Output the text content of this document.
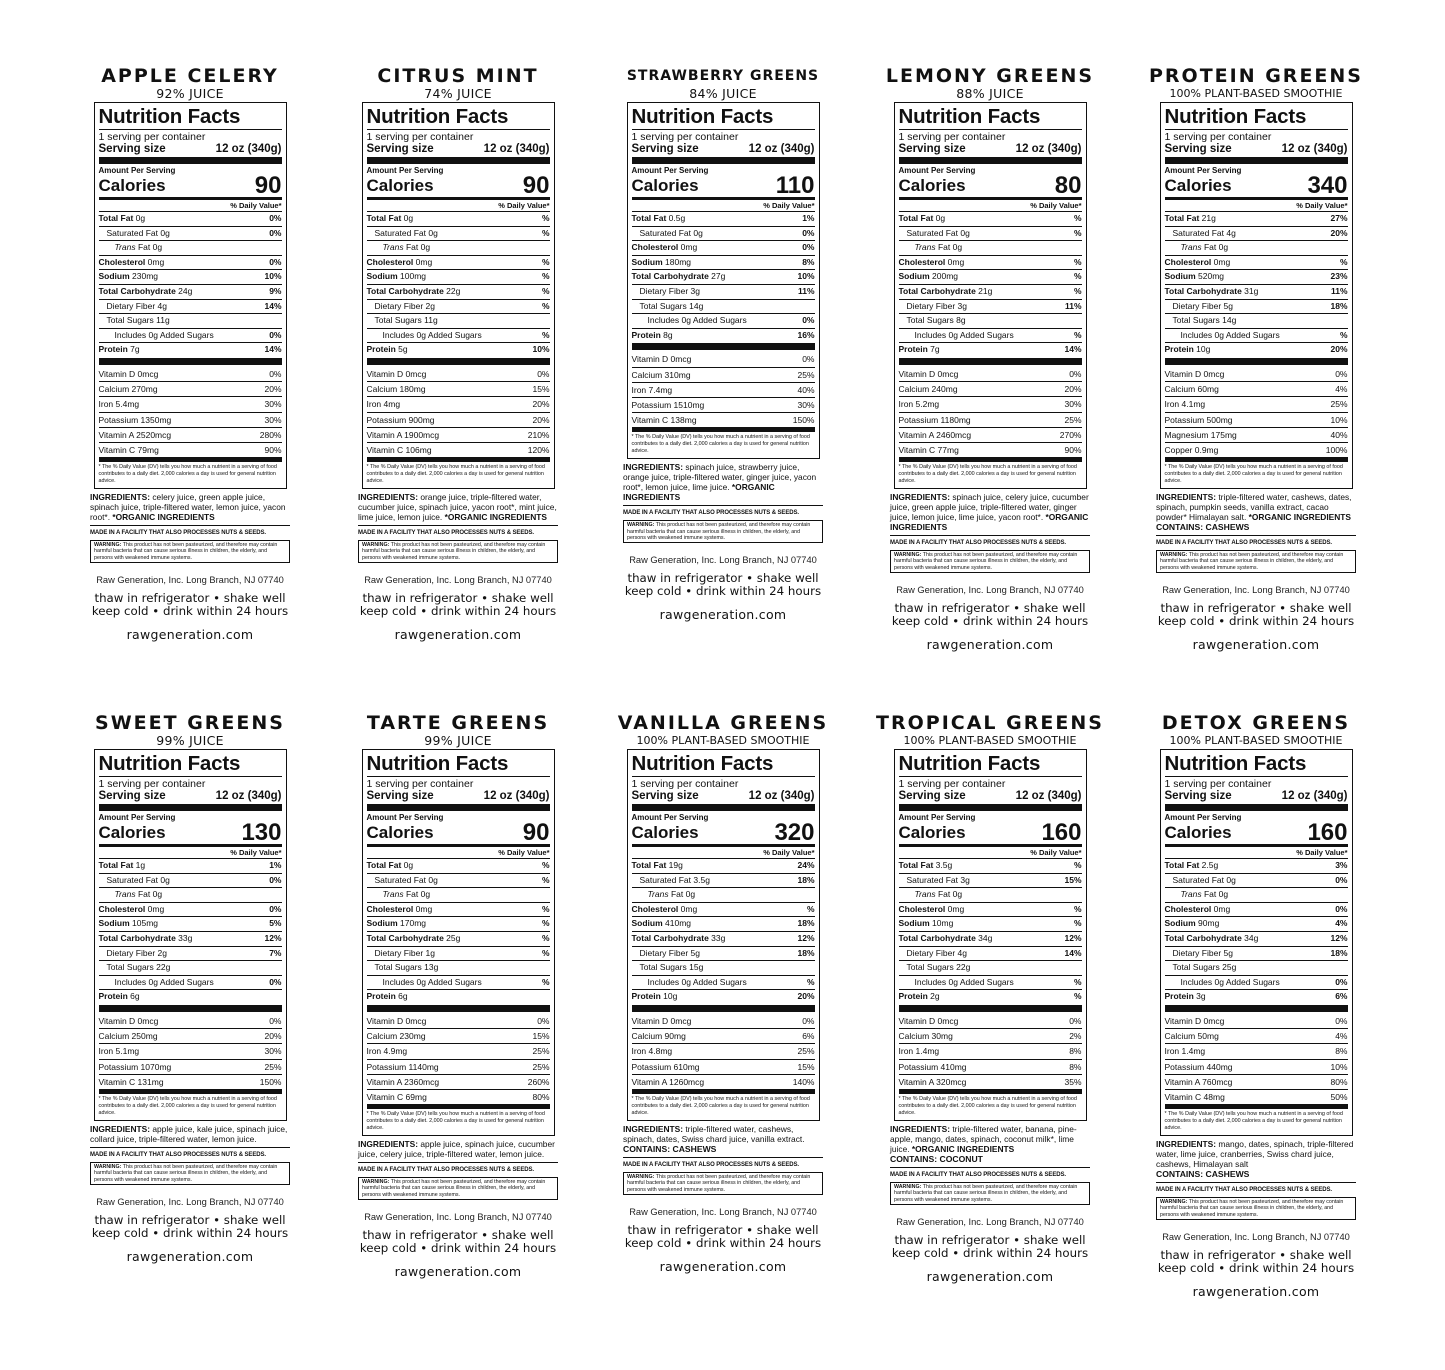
APPLE CELERY
92% JUICE
Nutrition Facts
1 serving per container
Serving size	12 oz (340g)
Amount Per Serving
Calories	90
% Daily Value*
Total Fat 0g	0%
Saturated Fat 0g	0%
Trans Fat 0g
Cholesterol 0mg	0%
Sodium 230mg	10%
Total Carbohydrate 24g	9%
Dietary Fiber 4g	14%
Total Sugars 11g
Includes 0g Added Sugars	0%
Protein 7g	14%
Vitamin D 0mcg	0%
Calcium 270mg	20%
Iron 5.4mg	30%
Potassium 1350mg	30%
Vitamin A 2520mcg	280%
Vitamin C 79mg	90%
* The % Daily Value (DV) tells you how much a nutrient in a serving of food contributes to a daily diet. 2,000 calories a day is used for general nutrition advice.
INGREDIENTS: celery juice, green apple juice, spinach juice, triple-filtered water, lemon juice, yacon root*. *ORGANIC INGREDIENTS
MADE IN A FACILITY THAT ALSO PROCESSES NUTS & SEEDS.
WARNING: This product has not been pasteurized, and therefore may contain harmful bacteria that can cause serious illness in children, the elderly, and persons with weakened immune systems.
Raw Generation, Inc. Long Branch, NJ 07740
thaw in refrigerator • shake well
keep cold • drink within 24 hours
rawgeneration.com
CITRUS MINT
74% JUICE
Nutrition Facts
1 serving per container
Serving size	12 oz (340g)
Amount Per Serving
Calories	90
% Daily Value*
Total Fat 0g	%
Saturated Fat 0g	%
Trans Fat 0g
Cholesterol 0mg	%
Sodium 100mg	%
Total Carbohydrate 22g	%
Dietary Fiber 2g	%
Total Sugars 11g
Includes 0g Added Sugars	%
Protein 5g	10%
Vitamin D 0mcg	0%
Calcium 180mg	15%
Iron 4mg	20%
Potassium 900mg	20%
Vitamin A 1900mcg	210%
Vitamin C 106mg	120%
* The % Daily Value (DV) tells you how much a nutrient in a serving of food contributes to a daily diet. 2,000 calories a day is used for general nutrition advice.
INGREDIENTS: orange juice, triple-filtered water, cucumber juice, spinach juice, yacon root*, mint juice, lime juice, lemon juice. *ORGANIC INGREDIENTS
MADE IN A FACILITY THAT ALSO PROCESSES NUTS & SEEDS.
WARNING: This product has not been pasteurized, and therefore may contain harmful bacteria that can cause serious illness in children, the elderly, and persons with weakened immune systems.
Raw Generation, Inc. Long Branch, NJ 07740
thaw in refrigerator • shake well
keep cold • drink within 24 hours
rawgeneration.com
STRAWBERRY GREENS
84% JUICE
Nutrition Facts
1 serving per container
Serving size	12 oz (340g)
Amount Per Serving
Calories	110
% Daily Value*
Total Fat 0.5g	1%
Saturated Fat 0g	0%
Cholesterol 0mg	0%
Sodium 180mg	8%
Total Carbohydrate 27g	10%
Dietary Fiber 3g	11%
Total Sugars 14g
Includes 0g Added Sugars	0%
Protein 8g	16%
Vitamin D 0mcg	0%
Calcium 310mg	25%
Iron 7.4mg	40%
Potassium 1510mg	30%
Vitamin C 138mg	150%
* The % Daily Value (DV) tells you how much a nutrient in a serving of food contributes to a daily diet. 2,000 calories a day is used for general nutrition advice.
INGREDIENTS: spinach juice, strawberry juice, orange juice, triple-filtered water, ginger juice, yacon root*, lemon juice, lime juice. *ORGANIC INGREDIENTS
MADE IN A FACILITY THAT ALSO PROCESSES NUTS & SEEDS.
WARNING: This product has not been pasteurized, and therefore may contain harmful bacteria that can cause serious illness in children, the elderly, and persons with weakened immune systems.
Raw Generation, Inc. Long Branch, NJ 07740
thaw in refrigerator • shake well
keep cold • drink within 24 hours
rawgeneration.com
LEMONY GREENS
88% JUICE
Nutrition Facts
1 serving per container
Serving size	12 oz (340g)
Amount Per Serving
Calories	80
% Daily Value*
Total Fat 0g	%
Saturated Fat 0g	%
Trans Fat 0g
Cholesterol 0mg	%
Sodium 200mg	%
Total Carbohydrate 21g	%
Dietary Fiber 3g	11%
Total Sugars 8g
Includes 0g Added Sugars	%
Protein 7g	14%
Vitamin D 0mcg	0%
Calcium 240mg	20%
Iron 5.2mg	30%
Potassium 1180mg	25%
Vitamin A 2460mcg	270%
Vitamin C 77mg	90%
* The % Daily Value (DV) tells you how much a nutrient in a serving of food contributes to a daily diet. 2,000 calories a day is used for general nutrition advice.
INGREDIENTS: spinach juice, celery juice, cucumber juice, green apple juice, triple-filtered water, ginger juice, lemon juice, lime juice, yacon root*. *ORGANIC INGREDIENTS
MADE IN A FACILITY THAT ALSO PROCESSES NUTS & SEEDS.
WARNING: This product has not been pasteurized, and therefore may contain harmful bacteria that can cause serious illness in children, the elderly, and persons with weakened immune systems.
Raw Generation, Inc. Long Branch, NJ 07740
thaw in refrigerator • shake well
keep cold • drink within 24 hours
rawgeneration.com
PROTEIN GREENS
100% PLANT-BASED SMOOTHIE
Nutrition Facts
1 serving per container
Serving size	12 oz (340g)
Amount Per Serving
Calories	340
% Daily Value*
Total Fat 21g	27%
Saturated Fat 4g	20%
Trans Fat 0g
Cholesterol 0mg	%
Sodium 520mg	23%
Total Carbohydrate 31g	11%
Dietary Fiber 5g	18%
Total Sugars 14g
Includes 0g Added Sugars	%
Protein 10g	20%
Vitamin D 0mcg	0%
Calcium 60mg	4%
Iron 4.1mg	25%
Potassium 500mg	10%
Magnesium 175mg	40%
Copper 0.9mg	100%
* The % Daily Value (DV) tells you how much a nutrient in a serving of food contributes to a daily diet. 2,000 calories a day is used for general nutrition advice.
INGREDIENTS: triple-filtered water, cashews, dates, spinach, pumpkin seeds, vanilla extract, cacao powder* Himalayan salt. *ORGANIC INGREDIENTS
CONTAINS: CASHEWS
MADE IN A FACILITY THAT ALSO PROCESSES NUTS & SEEDS.
WARNING: This product has not been pasteurized, and therefore may contain harmful bacteria that can cause serious illness in children, the elderly, and persons with weakened immune systems.
Raw Generation, Inc. Long Branch, NJ 07740
thaw in refrigerator • shake well
keep cold • drink within 24 hours
rawgeneration.com
SWEET GREENS
99% JUICE
Nutrition Facts
1 serving per container
Serving size	12 oz (340g)
Amount Per Serving
Calories	130
% Daily Value*
Total Fat 1g	1%
Saturated Fat 0g	0%
Trans Fat 0g
Cholesterol 0mg	0%
Sodium 105mg	5%
Total Carbohydrate 33g	12%
Dietary Fiber 2g	7%
Total Sugars 22g
Includes 0g Added Sugars	0%
Protein 6g
Vitamin D 0mcg	0%
Calcium 250mg	20%
Iron 5.1mg	30%
Potassium 1070mg	25%
Vitamin C 131mg	150%
* The % Daily Value (DV) tells you how much a nutrient in a serving of food contributes to a daily diet. 2,000 calories a day is used for general nutrition advice.
INGREDIENTS: apple juice, kale juice, spinach juice, collard juice, triple-filtered water, lemon juice.
MADE IN A FACILITY THAT ALSO PROCESSES NUTS & SEEDS.
WARNING: This product has not been pasteurized, and therefore may contain harmful bacteria that can cause serious illness in children, the elderly, and persons with weakened immune systems.
Raw Generation, Inc. Long Branch, NJ 07740
thaw in refrigerator • shake well
keep cold • drink within 24 hours
rawgeneration.com
TARTE GREENS
99% JUICE
Nutrition Facts
1 serving per container
Serving size	12 oz (340g)
Amount Per Serving
Calories	90
% Daily Value*
Total Fat 0g	%
Saturated Fat 0g	%
Trans Fat 0g
Cholesterol 0mg	%
Sodium 170mg	%
Total Carbohydrate 25g	%
Dietary Fiber 1g	%
Total Sugars 13g
Includes 0g Added Sugars	%
Protein 6g
Vitamin D 0mcg	0%
Calcium 230mg	15%
Iron 4.9mg	25%
Potassium 1140mg	25%
Vitamin A 2360mcg	260%
Vitamin C 69mg	80%
* The % Daily Value (DV) tells you how much a nutrient in a serving of food contributes to a daily diet. 2,000 calories a day is used for general nutrition advice.
INGREDIENTS: apple juice, spinach juice, cucumber juice, celery juice, triple-filtered water, lemon juice.
MADE IN A FACILITY THAT ALSO PROCESSES NUTS & SEEDS.
WARNING: This product has not been pasteurized, and therefore may contain harmful bacteria that can cause serious illness in children, the elderly, and persons with weakened immune systems.
Raw Generation, Inc. Long Branch, NJ 07740
thaw in refrigerator • shake well
keep cold • drink within 24 hours
rawgeneration.com
VANILLA GREENS
100% PLANT-BASED SMOOTHIE
Nutrition Facts
1 serving per container
Serving size	12 oz (340g)
Amount Per Serving
Calories	320
% Daily Value*
Total Fat 19g	24%
Saturated Fat 3.5g	18%
Trans Fat 0g
Cholesterol 0mg	%
Sodium 410mg	18%
Total Carbohydrate 33g	12%
Dietary Fiber 5g	18%
Total Sugars 15g
Includes 0g Added Sugars	%
Protein 10g	20%
Vitamin D 0mcg	0%
Calcium 90mg	6%
Iron 4.8mg	25%
Potassium 610mg	15%
Vitamin A 1260mcg	140%
* The % Daily Value (DV) tells you how much a nutrient in a serving of food contributes to a daily diet. 2,000 calories a day is used for general nutrition advice.
INGREDIENTS: triple-filtered water, cashews, spinach, dates, Swiss chard juice, vanilla extract.
CONTAINS: CASHEWS
MADE IN A FACILITY THAT ALSO PROCESSES NUTS & SEEDS.
WARNING: This product has not been pasteurized, and therefore may contain harmful bacteria that can cause serious illness in children, the elderly, and persons with weakened immune systems.
Raw Generation, Inc. Long Branch, NJ 07740
thaw in refrigerator • shake well
keep cold • drink within 24 hours
rawgeneration.com
TROPICAL GREENS
100% PLANT-BASED SMOOTHIE
Nutrition Facts
1 serving per container
Serving size	12 oz (340g)
Amount Per Serving
Calories	160
% Daily Value*
Total Fat 3.5g	%
Saturated Fat 3g	15%
Trans Fat 0g
Cholesterol 0mg	%
Sodium 10mg	%
Total Carbohydrate 34g	12%
Dietary Fiber 4g	14%
Total Sugars 22g
Includes 0g Added Sugars	%
Protein 2g	%
Vitamin D 0mcg	0%
Calcium 30mg	2%
Iron 1.4mg	8%
Potassium 410mg	8%
Vitamin A 320mcg	35%
* The % Daily Value (DV) tells you how much a nutrient in a serving of food contributes to a daily diet. 2,000 calories a day is used for general nutrition advice.
INGREDIENTS: triple-filtered water, banana, pine-apple, mango, dates, spinach, coconut milk*, lime juice. *ORGANIC INGREDIENTS
CONTAINS: COCONUT
MADE IN A FACILITY THAT ALSO PROCESSES NUTS & SEEDS.
WARNING: This product has not been pasteurized, and therefore may contain harmful bacteria that can cause serious illness in children, the elderly, and persons with weakened immune systems.
Raw Generation, Inc. Long Branch, NJ 07740
thaw in refrigerator • shake well
keep cold • drink within 24 hours
rawgeneration.com
DETOX GREENS
100% PLANT-BASED SMOOTHIE
Nutrition Facts
1 serving per container
Serving size	12 oz (340g)
Amount Per Serving
Calories	160
% Daily Value*
Total Fat 2.5g	3%
Saturated Fat 0g	0%
Trans Fat 0g
Cholesterol 0mg	0%
Sodium 90mg	4%
Total Carbohydrate 34g	12%
Dietary Fiber 5g	18%
Total Sugars 25g
Includes 0g Added Sugars	0%
Protein 3g	6%
Vitamin D 0mcg	0%
Calcium 50mg	4%
Iron 1.4mg	8%
Potassium 440mg	10%
Vitamin A 760mcg	80%
Vitamin C 48mg	50%
* The % Daily Value (DV) tells you how much a nutrient in a serving of food contributes to a daily diet. 2,000 calories a day is used for general nutrition advice.
INGREDIENTS: mango, dates, spinach, triple-filtered water, lime juice, cranberries, Swiss chard juice, cashews, Himalayan salt
CONTAINS: CASHEWS
MADE IN A FACILITY THAT ALSO PROCESSES NUTS & SEEDS.
WARNING: This product has not been pasteurized, and therefore may contain harmful bacteria that can cause serious illness in children, the elderly, and persons with weakened immune systems.
Raw Generation, Inc. Long Branch, NJ 07740
thaw in refrigerator • shake well
keep cold • drink within 24 hours
rawgeneration.com
